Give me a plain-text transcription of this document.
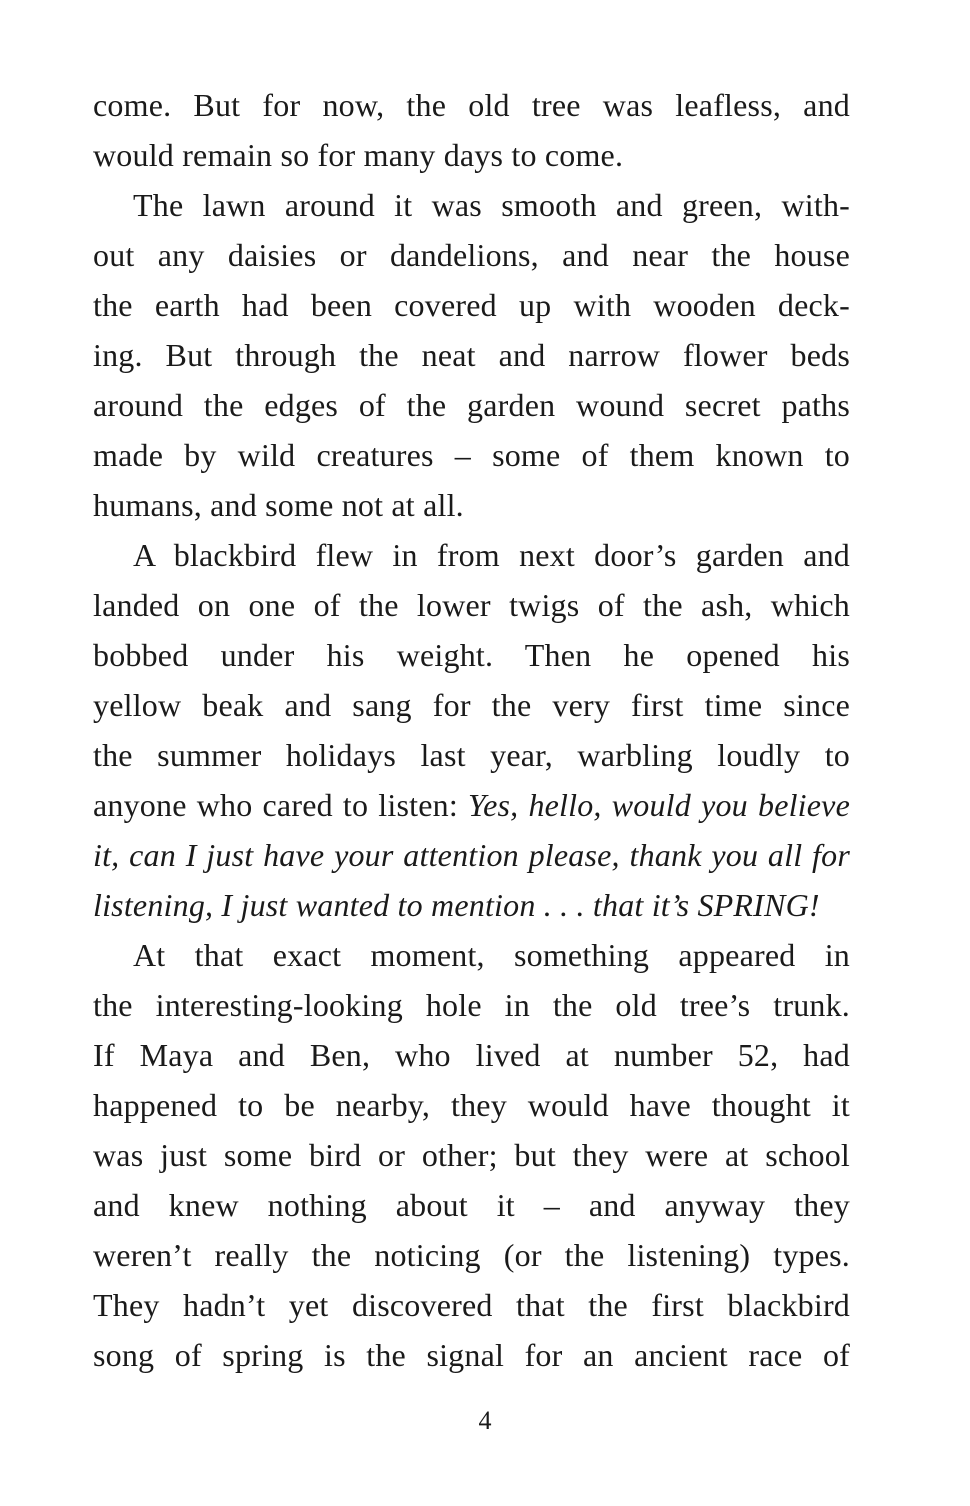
come. But for now, the old tree was leafless, and
would remain so for many days to come.
The lawn around it was smooth and green, with-
out any daisies or dandelions, and near the house
the earth had been covered up with wooden deck-
ing. But through the neat and narrow flower beds
around the edges of the garden wound secret paths
made by wild creatures – some of them known to
humans, and some not at all.
A blackbird flew in from next door’s garden and
landed on one of the lower twigs of the ash, which
bobbed under his weight. Then he opened his
yellow beak and sang for the very first time since
the summer holidays last year, warbling loudly to
anyone who cared to listen: Yes, hello, would you believe
it, can I just have your attention please, thank you all for
listening, I just wanted to mention . . . that it’s SPRING!
At that exact moment, something appeared in
the interesting-looking hole in the old tree’s trunk.
If Maya and Ben, who lived at number 52, had
happened to be nearby, they would have thought it
was just some bird or other; but they were at school
and knew nothing about it – and anyway they
weren’t really the noticing (or the listening) types.
They hadn’t yet discovered that the first blackbird
song of spring is the signal for an ancient race of
4
